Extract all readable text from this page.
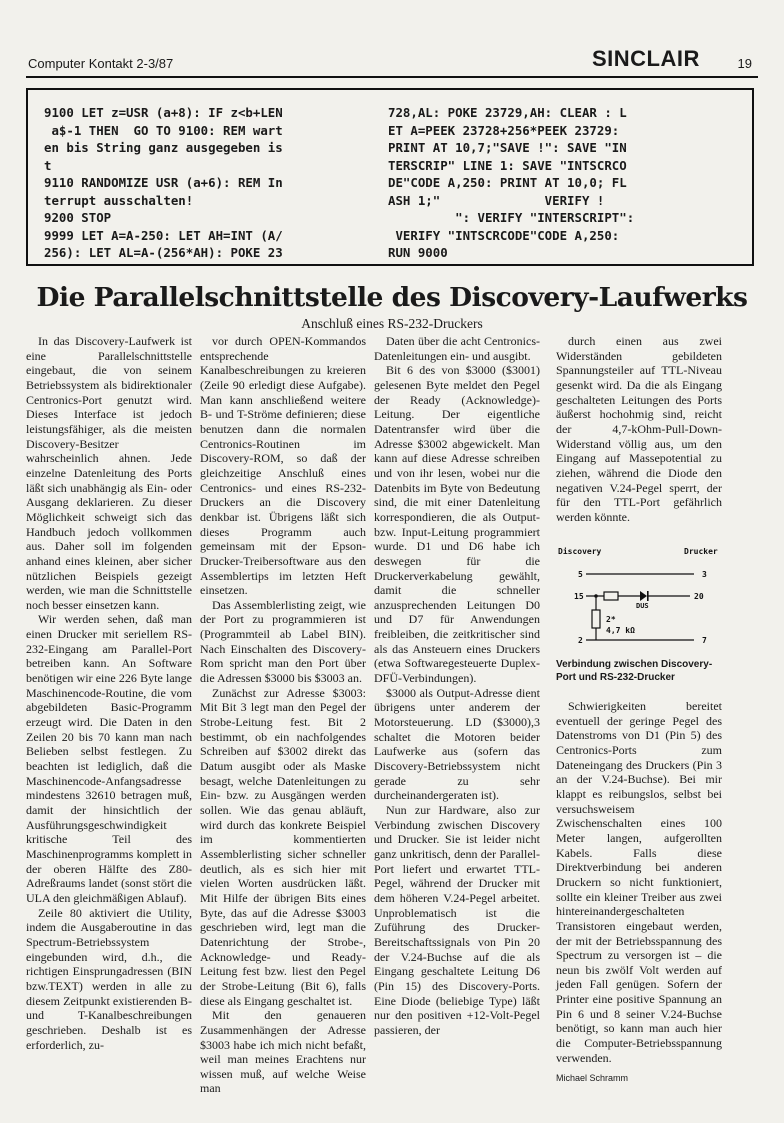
Computer Kontakt 2-3/87	SINCLAIR	19
9100 LET z=USR (a+8): IF z<b+LEN
a$-1 THEN  GO TO 9100: REM wart
en bis String ganz ausgegeben is
t
9110 RANDOMIZE USR (a+6): REM In
terrupt ausschalten!
9200 STOP
9999 LET A=A-250: LET AH=INT (A/
256): LET AL=A-(256*AH): POKE 23
728,AL: POKE 23729,AH: CLEAR : L
ET A=PEEK 23728+256*PEEK 23729:
PRINT AT 10,7;"SAVE !": SAVE "IN
TERSCRIP" LINE 1: SAVE "INTSCRCO
DE"CODE A,250: PRINT AT 10,0; FL
ASH 1;"              VERIFY !
": VERIFY "INTERSCRIPT":
VERIFY "INTSCRCODE"CODE A,250:
RUN 9000
Die Parallelschnittstelle des Discovery-Laufwerks
Anschluß eines RS-232-Druckers

In das Discovery-Laufwerk ist eine Parallelschnittstelle eingebaut, die von seinem Betriebssystem als bidirektionaler Centronics-Port genutzt wird. Dieses Interface ist jedoch leistungsfähiger, als die meisten Discovery-Besitzer wahrscheinlich ahnen. Jede einzelne Datenleitung des Ports läßt sich unabhängig als Ein- oder Ausgang deklarieren. Zu dieser Möglichkeit schweigt sich das Handbuch jedoch vollkommen aus. Daher soll im folgenden anhand eines kleinen, aber sicher nützlichen Beispiels gezeigt werden, wie man die Schnittstelle noch besser einsetzen kann.

Wir werden sehen, daß man einen Drucker mit seriellem RS-232-Eingang am Parallel-Port betreiben kann. An Software benötigen wir eine 226 Byte lange Maschinencode-Routine, die vom abgebildeten Basic-Programm erzeugt wird. Die Daten in den Zeilen 20 bis 70 kann man nach Belieben selbst festlegen. Zu beachten ist lediglich, daß die Maschinencode-Anfangsadresse mindestens 32610 betragen muß, damit der hinsichtlich der Ausführungsgeschwindigkeit kritische Teil des Maschinenprogramms komplett in der oberen Hälfte des Z80-Adreßraums landet (sonst stört die ULA den gleichmäßigen Ablauf).

Zeile 80 aktiviert die Utility, indem die Ausgaberoutine in das Spectrum-Betriebssystem eingebunden wird, d.h., die richtigen Einsprungadressen (BIN bzw.TEXT) werden in alle zu diesem Zeitpunkt existierenden B- und T-Kanalbeschreibungen geschrieben. Deshalb ist es erforderlich, zu-

vor durch OPEN-Kommandos entsprechende Kanalbeschreibungen zu kreieren (Zeile 90 erledigt diese Aufgabe). Man kann anschließend weitere B- und T-Ströme definieren; diese benutzen dann die normalen Centronics-Routinen im Discovery-ROM, so daß der gleichzeitige Anschluß eines Centronics- und eines RS-232-Druckers an die Discovery denkbar ist. Übrigens läßt sich dieses Programm auch gemeinsam mit der Epson-Drucker-Treibersoftware aus den Assemblertips im letzten Heft einsetzen.

Das Assemblerlisting zeigt, wie der Port zu programmieren ist (Programmteil ab Label BIN). Nach Einschalten des Discovery-Rom spricht man den Port über die Adressen $3000 bis $3003 an.

Zunächst zur Adresse $3003: Mit Bit 3 legt man den Pegel der Strobe-Leitung fest. Bit 2 bestimmt, ob ein nachfolgendes Schreiben auf $3002 direkt das Datum ausgibt oder als Maske besagt, welche Datenleitungen zu Ein- bzw. zu Ausgängen werden sollen. Wie das genau abläuft, wird durch das konkrete Beispiel im kommentierten Assemblerlisting sicher schneller deutlich, als es sich hier mit vielen Worten ausdrücken läßt. Mit Hilfe der übrigen Bits eines Byte, das auf die Adresse $3003 geschrieben wird, legt man die Datenrichtung der Strobe-, Acknowledge- und Ready-Leitung fest bzw. liest den Pegel der Strobe-Leitung (Bit 6), falls diese als Eingang geschaltet ist.

Mit den genaueren Zusammenhängen der Adresse $3003 habe ich mich nicht befaßt, weil man meines Erachtens nur wissen muß, auf welche Weise man

Daten über die acht Centronics-Datenleitungen ein- und ausgibt.

Bit 6 des von $3000 ($3001) gelesenen Byte meldet den Pegel der Ready (Acknowledge)-Leitung. Der eigentliche Datentransfer wird über die Adresse $3002 abgewickelt. Man kann auf diese Adresse schreiben und von ihr lesen, wobei nur die Datenbits im Byte von Bedeutung sind, die mit einer Datenleitung korrespondieren, die als Output- bzw. Input-Leitung programmiert wurde. D1 und D6 habe ich deswegen für die Druckerverkabelung gewählt, damit die schneller anzusprechenden Leitungen D0 und D7 für Anwendungen freibleiben, die zeitkritischer sind als das Ansteuern eines Druckers (etwa Softwaregesteuerte Duplex-DFÜ-Verbindungen).

$3000 als Output-Adresse dient übrigens unter anderem der Motorsteuerung. LD ($3000),3 schaltet die Motoren beider Laufwerke aus (sofern das Discovery-Betriebssystem nicht gerade zu sehr durcheinandergeraten ist).

Nun zur Hardware, also zur Verbindung zwischen Discovery und Drucker. Sie ist leider nicht ganz unkritisch, denn der Parallel-Port liefert und erwartet TTL-Pegel, während der Drucker mit dem höheren V.24-Pegel arbeitet. Unproblematisch ist die Zuführung des Drucker-Bereitschaftssignals von Pin 20 der V.24-Buchse auf die als Eingang geschaltete Leitung D6 (Pin 15) des Discovery-Ports. Eine Diode (beliebige Type) läßt nur den positiven +12-Volt-Pegel passieren, der

durch einen aus zwei Widerständen gebildeten Spannungsteiler auf TTL-Niveau gesenkt wird. Da die als Eingang geschalteten Leitungen des Ports äußerst hochohmig sind, reicht der 4,7-kOhm-Pull-Down-Widerstand völlig aus, um den Eingang auf Massepotential zu ziehen, während die Diode den negativen V.24-Pegel sperrt, der für den TTL-Port gefährlich werden könnte.

Discovery	Drucker
5	3
15	20
2	7
DUS
2*
4,7 kΩ
Verbindung zwischen Discovery-Port und RS-232-Drucker

Schwierigkeiten bereitet eventuell der geringe Pegel des Datenstroms von D1 (Pin 5) des Centronics-Ports zum Dateneingang des Druckers (Pin 3 an der V.24-Buchse). Bei mir klappt es reibungslos, selbst bei versuchsweisem Zwischenschalten eines 100 Meter langen, aufgerollten Kabels. Falls diese Direktverbindung bei anderen Druckern so nicht funktioniert, sollte ein kleiner Treiber aus zwei hintereinandergeschalteten Transistoren eingebaut werden, der mit der Betriebsspannung des Spectrum zu versorgen ist – die neun bis zwölf Volt werden auf jeden Fall genügen. Sofern der Printer eine positive Spannung an Pin 6 und 8 seiner V.24-Buchse benötigt, so kann man auch hier die Computer-Betriebsspannung verwenden.

Michael Schramm
